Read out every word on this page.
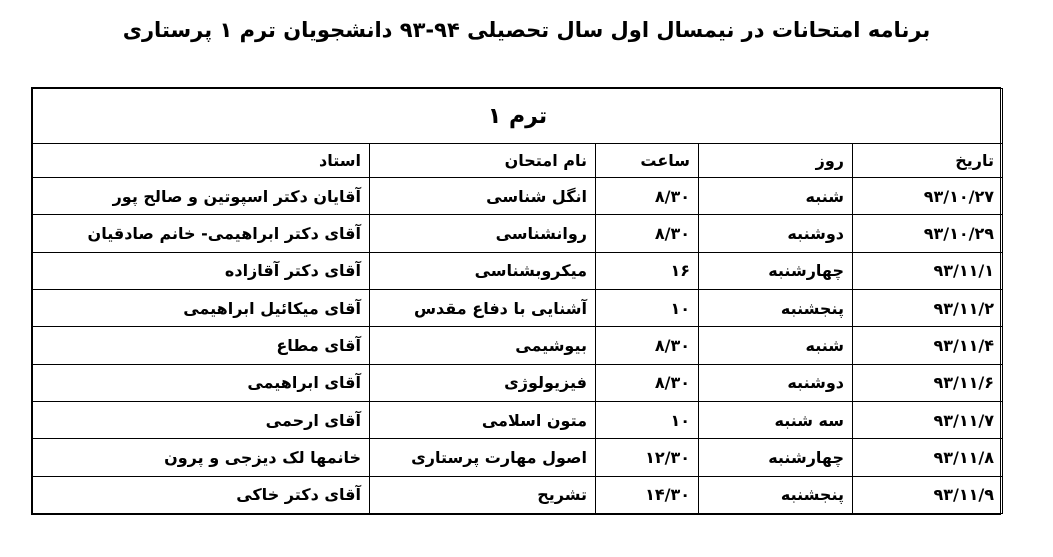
برنامه امتحانات در نیمسال اول سال تحصیلی ۹۴-۹۳ دانشجویان ترم ۱ پرستاری
ترم ۱				
تاریخ	روز	ساعت	نام امتحان	استاد
۹۳/۱۰/۲۷	شنبه	۸/۳۰	انگل شناسی	آقایان دکتر اسپوتین و صالح پور
۹۳/۱۰/۲۹	دوشنبه	۸/۳۰	روانشناسی	آقای دکتر ابراهیمی- خانم صادقیان
۹۳/۱۱/۱	چهارشنبه	۱۶	میکروبشناسی	آقای دکتر آقازاده
۹۳/۱۱/۲	پنجشنبه	۱۰	آشنایی با دفاع مقدس	آقای میکائیل ابراهیمی
۹۳/۱۱/۴	شنبه	۸/۳۰	بیوشیمی	آقای مطاع
۹۳/۱۱/۶	دوشنبه	۸/۳۰	فیزیولوژی	آقای ابراهیمی
۹۳/۱۱/۷	سه شنبه	۱۰	متون اسلامی	آقای ارحمی
۹۳/۱۱/۸	چهارشنبه	۱۲/۳۰	اصول مهارت پرستاری	خانمها لک دیزجی و پرون
۹۳/۱۱/۹	پنجشنبه	۱۴/۳۰	تشریح	آقای دکتر خاکی
